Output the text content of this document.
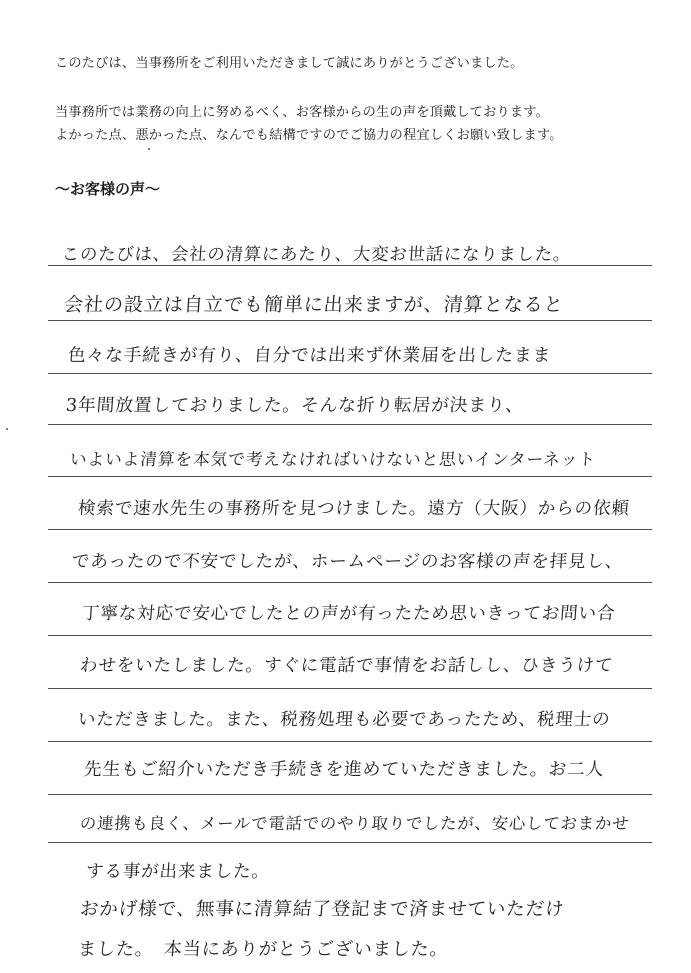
このたびは、当事務所をご利用いただきまして誠にありがとうございました。
当事務所では業務の向上に努めるべく、お客様からの生の声を頂戴しております。
よかった点、悪かった点、なんでも結構ですのでご協力の程宜しくお願い致します。
～お客様の声～
このたびは、会社の清算にあたり、大変お世話になりました。
会社の設立は自立でも簡単に出来ますが、清算となると
色々な手続きが有り、自分では出来ず休業届を出したまま
3年間放置しておりました。そんな折り転居が決まり、
いよいよ清算を本気で考えなければいけないと思いインターネット
検索で速水先生の事務所を見つけました。遠方（大阪）からの依頼
であったので不安でしたが、ホームページのお客様の声を拝見し、
丁寧な対応で安心でしたとの声が有ったため思いきってお問い合
わせをいたしました。すぐに電話で事情をお話しし、ひきうけて
いただきました。また、税務処理も必要であったため、税理士の
先生もご紹介いただき手続きを進めていただきました。お二人
の連携も良く、メールで電話でのやり取りでしたが、安心しておまかせ
する事が出来ました。
おかげ様で、無事に清算結了登記まで済ませていただけ
ました。　本当にありがとうございました。
